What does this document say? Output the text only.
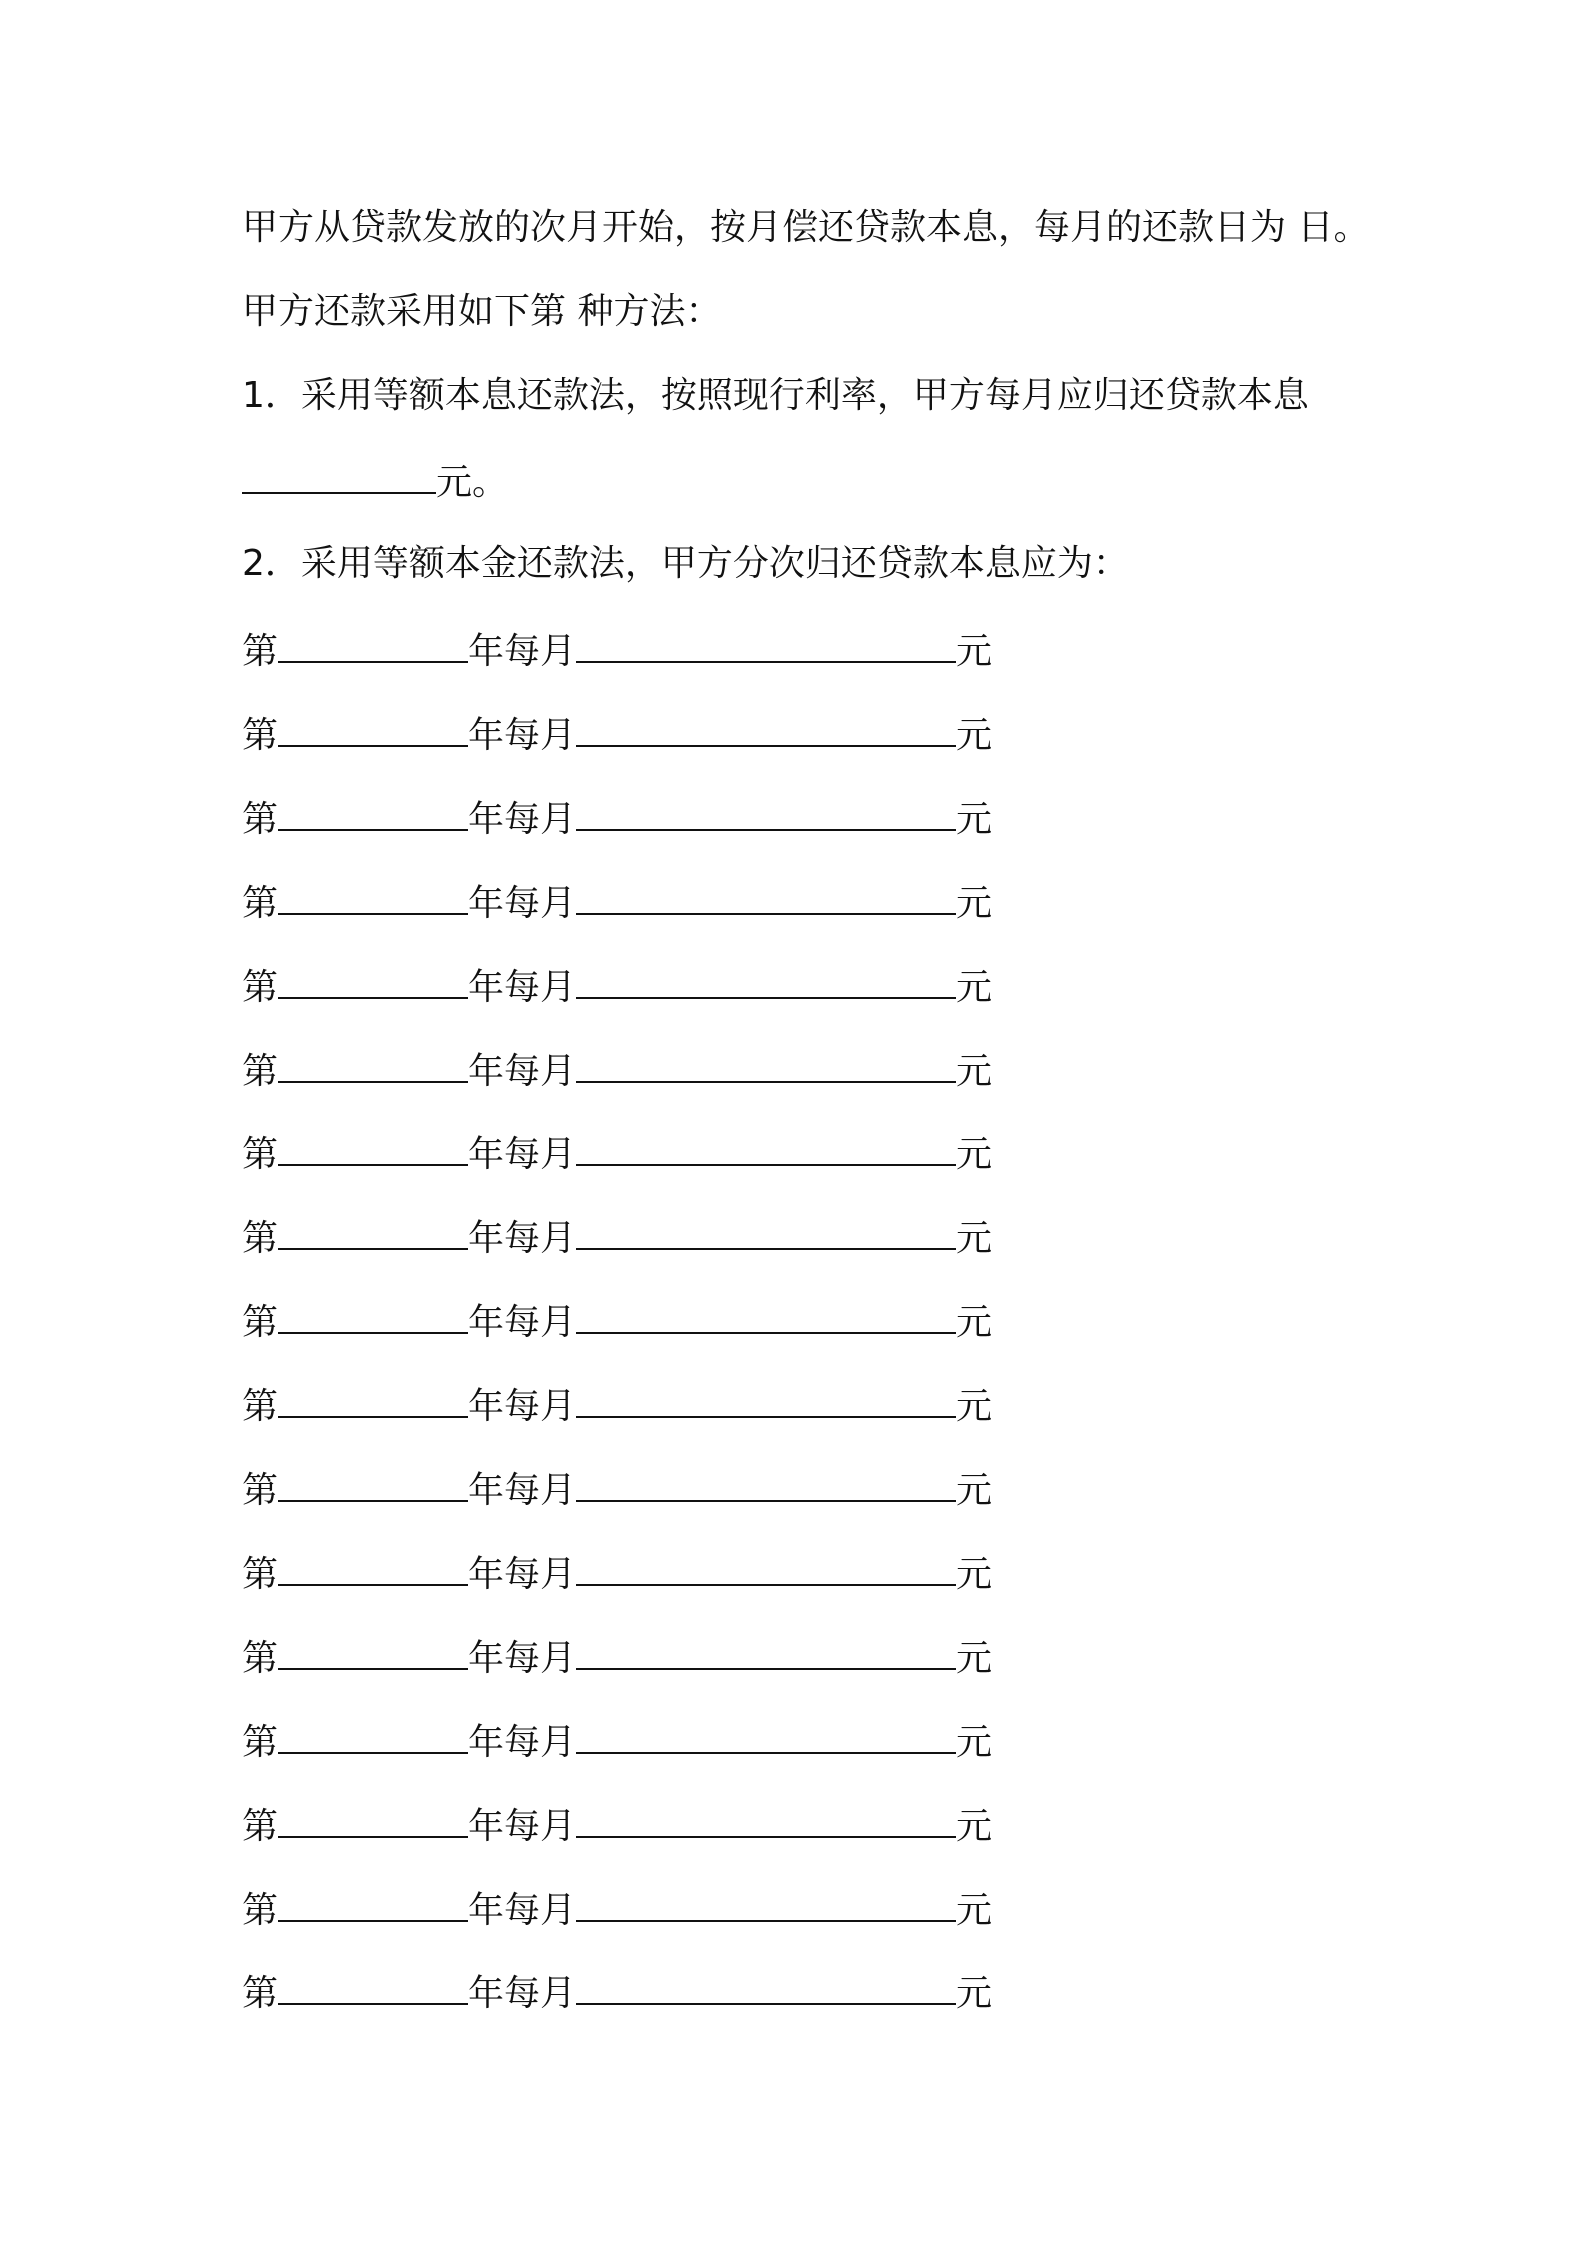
甲方从贷款发放的次月开始，按月偿还贷款本息，每月的还款日为 日。
甲方还款采用如下第 种方法：
1．采用等额本息还款法，按照现行利率，甲方每月应归还贷款本息
元。
2．采用等额本金还款法，甲方分次归还贷款本息应为：
第	年每月	元
第	年每月	元
第	年每月	元
第	年每月	元
第	年每月	元
第	年每月	元
第	年每月	元
第	年每月	元
第	年每月	元
第	年每月	元
第	年每月	元
第	年每月	元
第	年每月	元
第	年每月	元
第	年每月	元
第	年每月	元
第	年每月	元
